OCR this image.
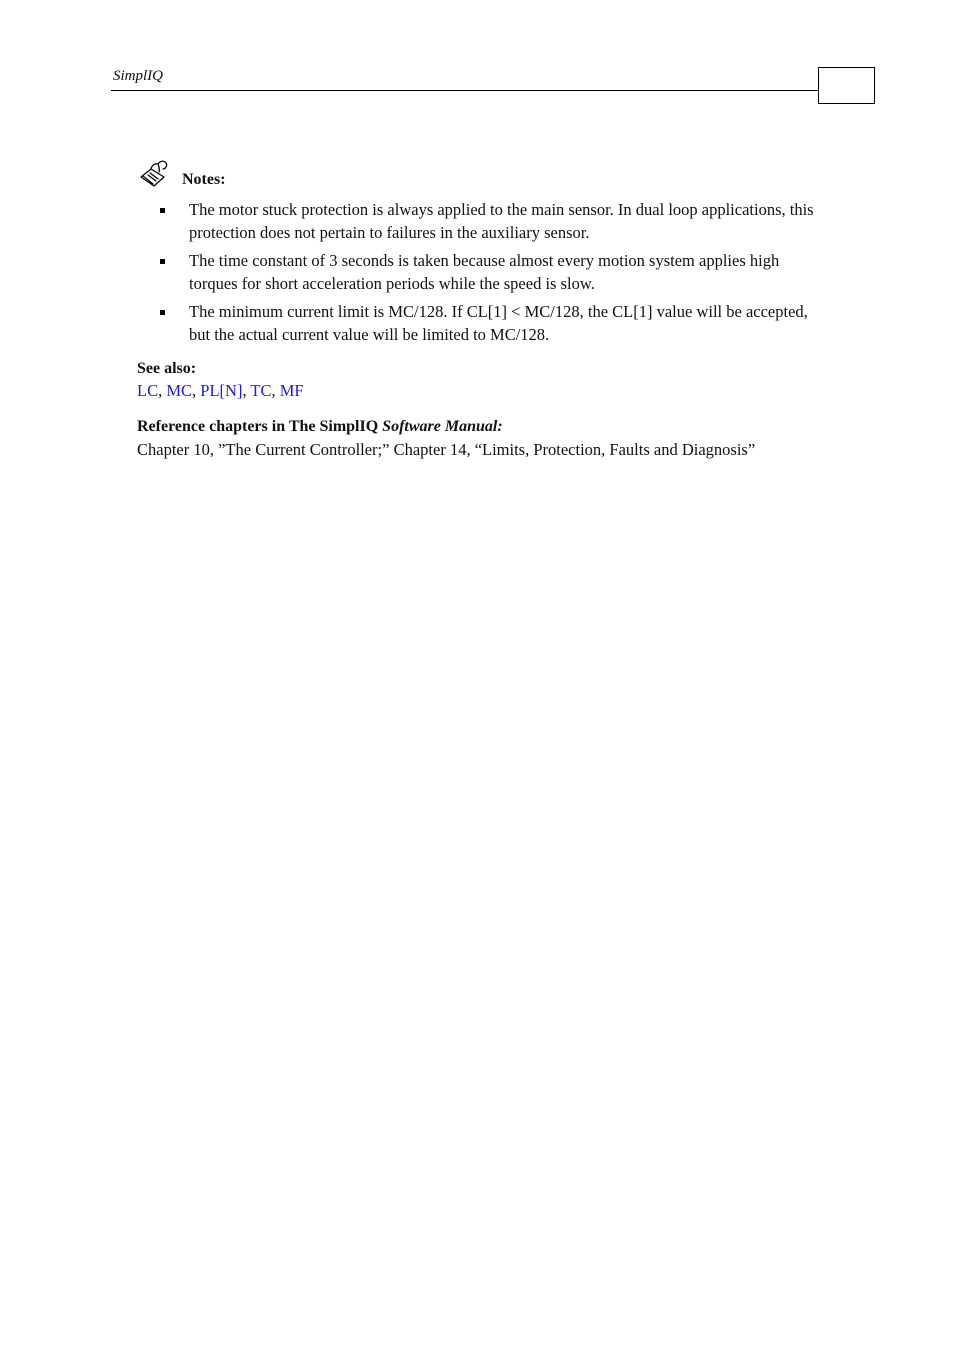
SimplIQ
Notes:
The motor stuck protection is always applied to the main sensor. In dual loop applications, this protection does not pertain to failures in the auxiliary sensor.
The time constant of 3 seconds is taken because almost every motion system applies high torques for short acceleration periods while the speed is slow.
The minimum current limit is MC/128. If CL[1] < MC/128, the CL[1] value will be accepted, but the actual current value will be limited to MC/128.
See also:
LC, MC, PL[N], TC, MF
Reference chapters in The SimplIQ Software Manual:
Chapter 10, ”The Current Controller;” Chapter 14, “Limits, Protection, Faults and Diagnosis”
